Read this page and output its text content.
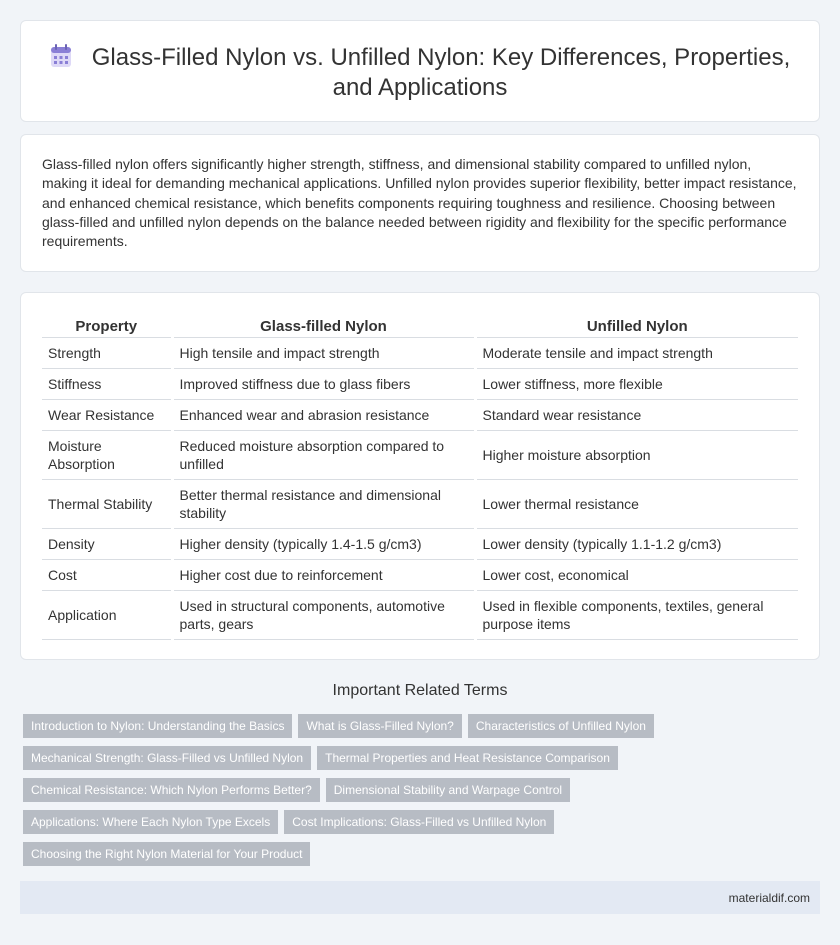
Glass-Filled Nylon vs. Unfilled Nylon: Key Differences, Properties, and Applications

Glass-filled nylon offers significantly higher strength, stiffness, and dimensional stability compared to unfilled nylon, making it ideal for demanding mechanical applications. Unfilled nylon provides superior flexibility, better impact resistance, and enhanced chemical resistance, which benefits components requiring toughness and resilience. Choosing between glass-filled and unfilled nylon depends on the balance needed between rigidity and flexibility for the specific performance requirements.

Property	Glass-filled Nylon	Unfilled Nylon
Strength	High tensile and impact strength	Moderate tensile and impact strength
Stiffness	Improved stiffness due to glass fibers	Lower stiffness, more flexible
Wear Resistance	Enhanced wear and abrasion resistance	Standard wear resistance
Moisture Absorption	Reduced moisture absorption compared to unfilled	Higher moisture absorption
Thermal Stability	Better thermal resistance and dimensional stability	Lower thermal resistance
Density	Higher density (typically 1.4-1.5 g/cm3)	Lower density (typically 1.1-1.2 g/cm3)
Cost	Higher cost due to reinforcement	Lower cost, economical
Application	Used in structural components, automotive parts, gears	Used in flexible components, textiles, general purpose items
Important Related Terms
Introduction to Nylon: Understanding the Basics	What is Glass-Filled Nylon?	Characteristics of Unfilled Nylon
Mechanical Strength: Glass-Filled vs Unfilled Nylon	Thermal Properties and Heat Resistance Comparison
Chemical Resistance: Which Nylon Performs Better?	Dimensional Stability and Warpage Control
Applications: Where Each Nylon Type Excels	Cost Implications: Glass-Filled vs Unfilled Nylon
Choosing the Right Nylon Material for Your Product
materialdif.com
